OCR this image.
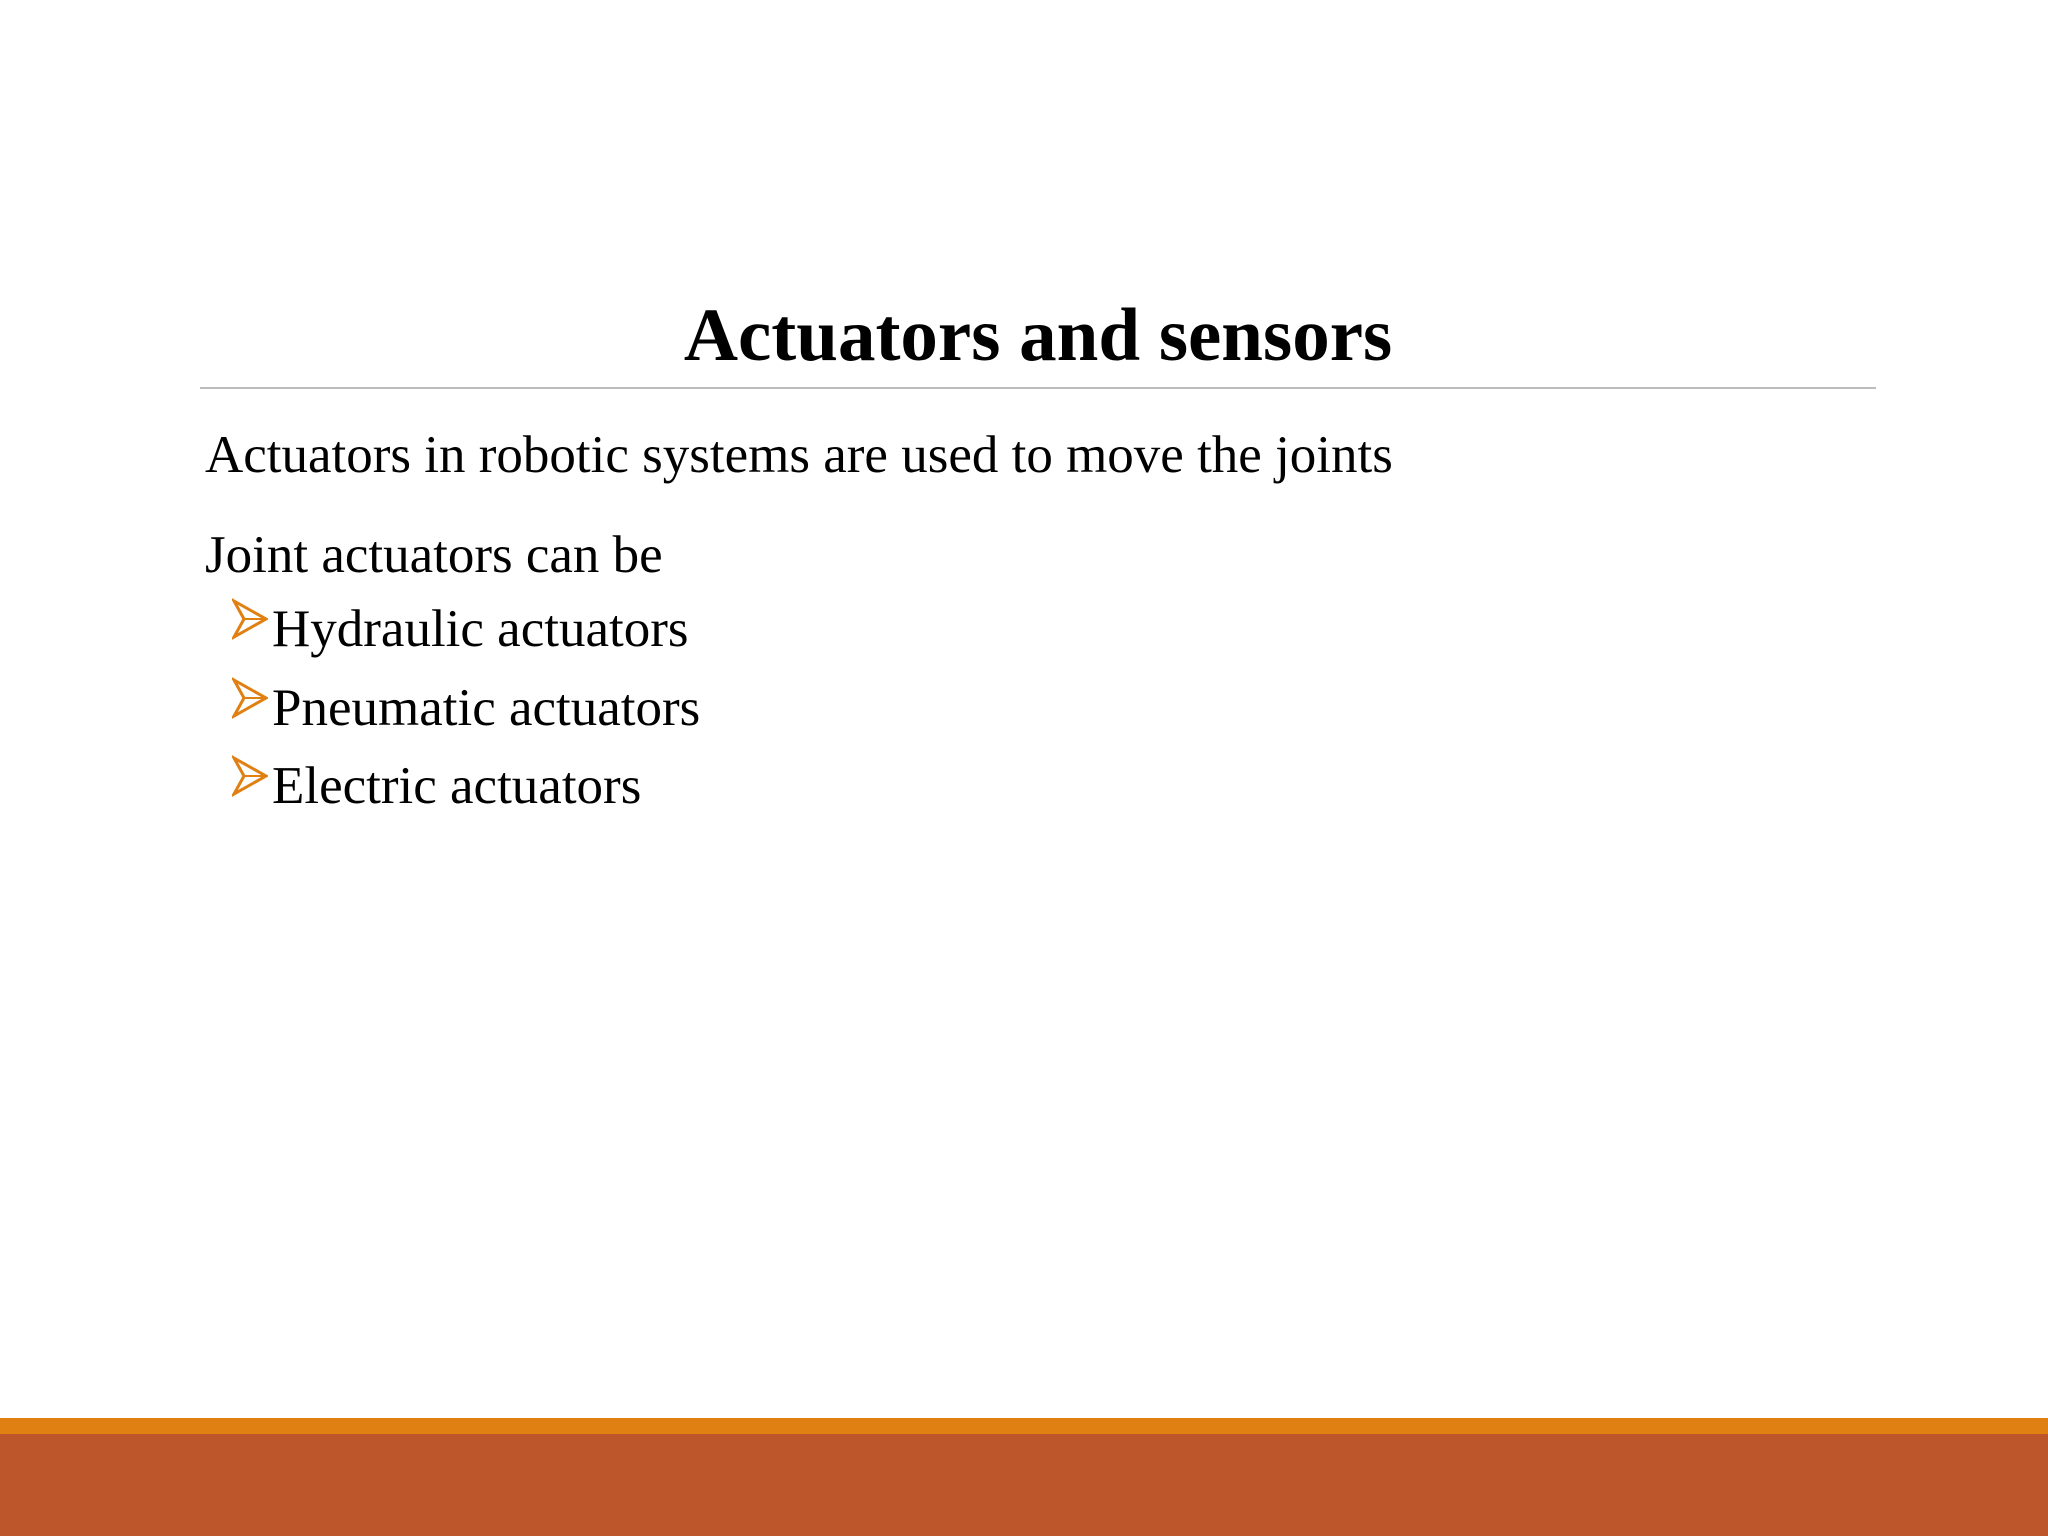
Actuators and sensors
Actuators in robotic systems are used to move the joints
Joint actuators can be
Hydraulic actuators
Pneumatic actuators
Electric actuators
